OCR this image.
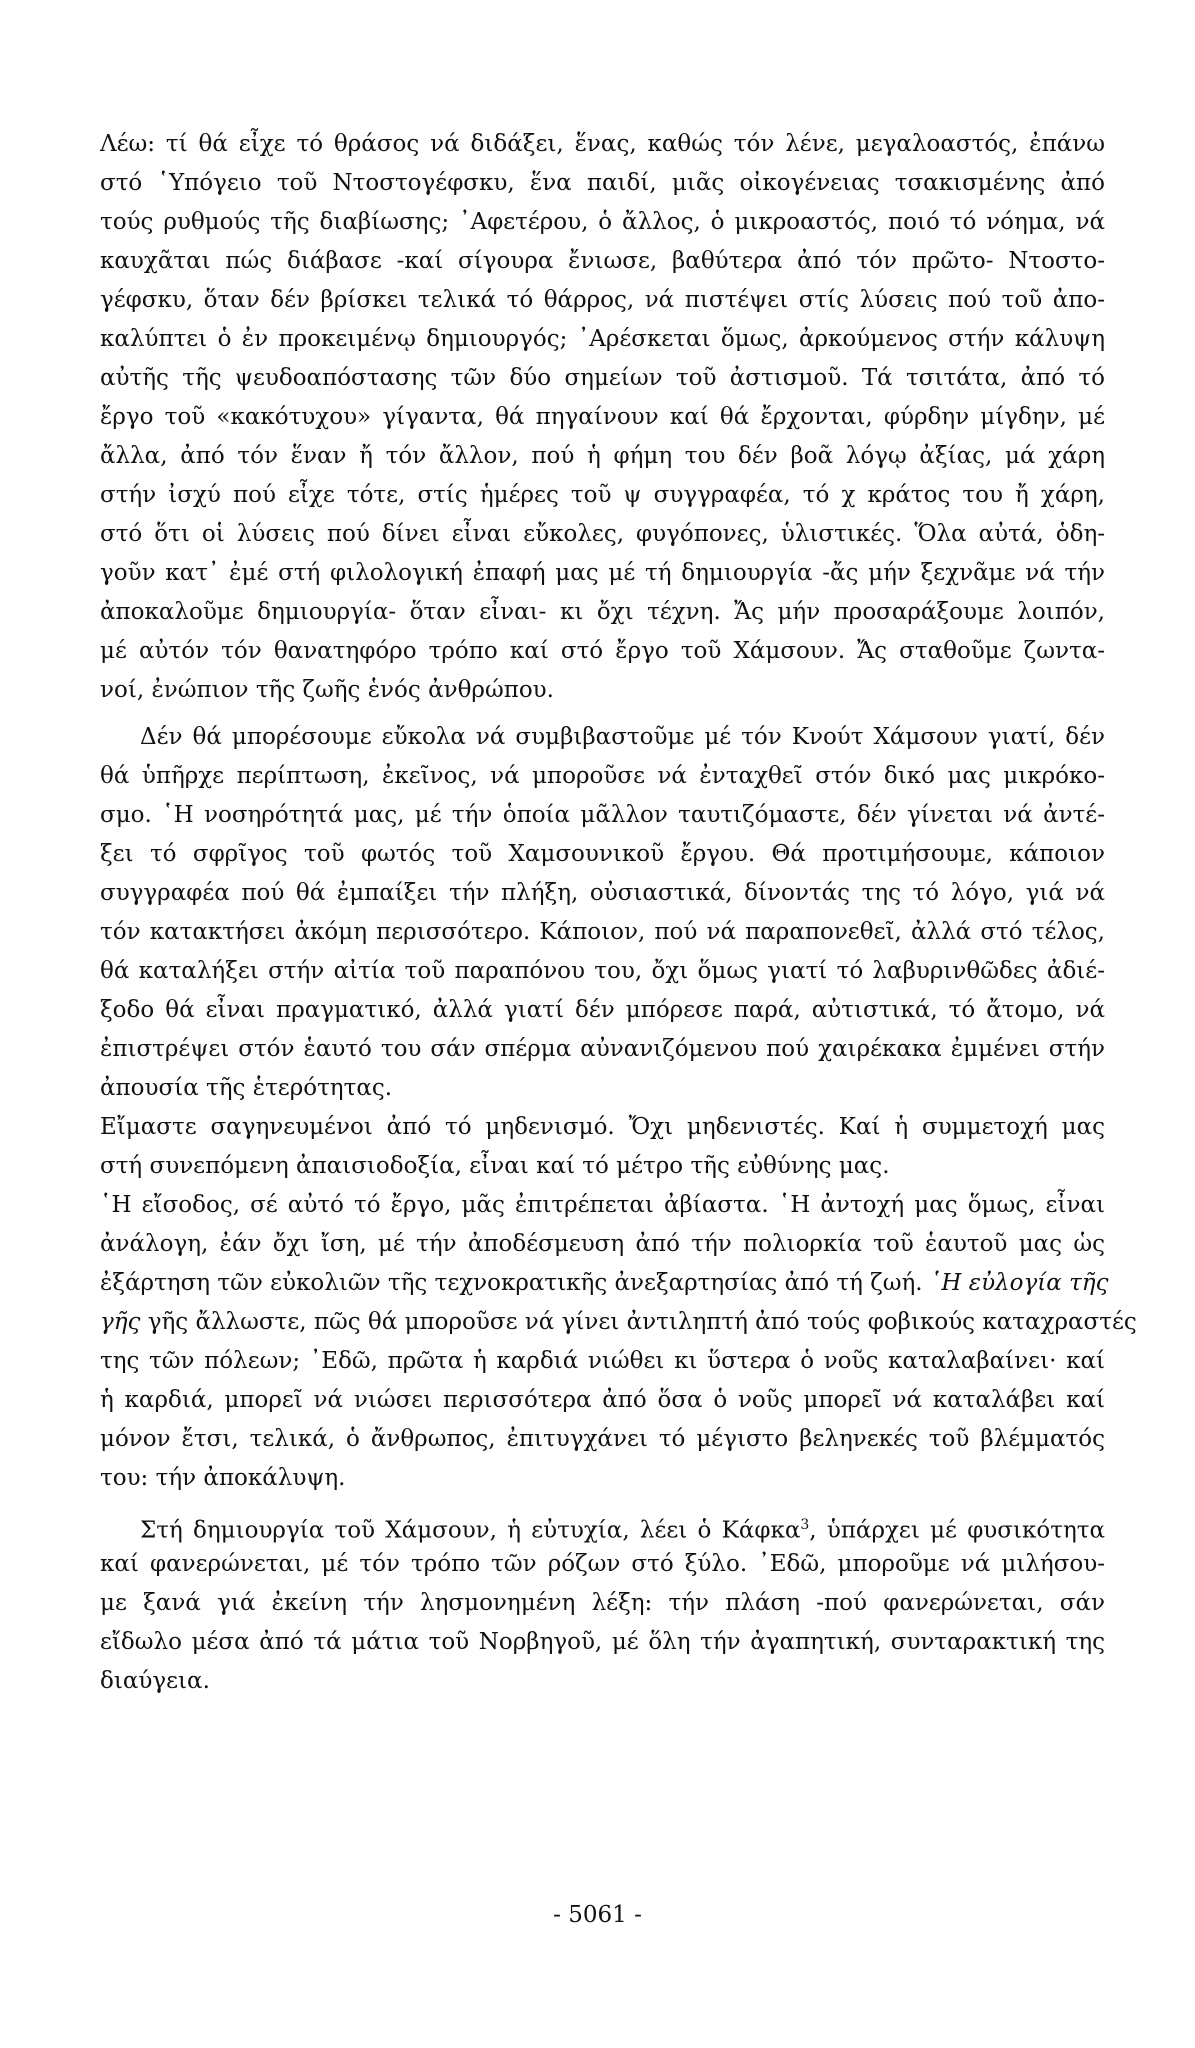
Λέω: τί θά εἶχε τό θράσος νά διδάξει, ἕνας, καθώς τόν λένε, μεγαλοαστός, ἐπάνω
στό ῾Υπόγειο τοῦ Ντοστογέφσκυ, ἕνα παιδί, μιᾶς οἰκογένειας τσακισμένης ἀπό
τούς ρυθμούς τῆς διαβίωσης; ᾿Αφετέρου, ὁ ἄλλος, ὁ μικροαστός, ποιό τό νόημα, νά
καυχᾶται πώς διάβασε -καί σίγουρα ἔνιωσε, βαθύτερα ἀπό τόν πρῶτο- Ντοστο-
γέφσκυ, ὅταν δέν βρίσκει τελικά τό θάρρος, νά πιστέψει στίς λύσεις πού τοῦ ἀπο-
καλύπτει ὁ ἐν προκειμένῳ δημιουργός; ᾿Αρέσκεται ὅμως, ἀρκούμενος στήν κάλυψη
αὐτῆς τῆς ψευδοαπόστασης τῶν δύο σημείων τοῦ ἀστισμοῦ. Τά τσιτάτα, ἀπό τό
ἔργο τοῦ «κακότυχου» γίγαντα, θά πηγαίνουν καί θά ἔρχονται, φύρδην μίγδην, μέ
ἄλλα, ἀπό τόν ἕναν ἤ τόν ἄλλον, πού ἡ φήμη του δέν βοᾶ λόγῳ ἀξίας, μά χάρη
στήν ἰσχύ πού εἶχε τότε, στίς ἡμέρες τοῦ ψ συγγραφέα, τό χ κράτος του ἤ χάρη,
στό ὅτι οἱ λύσεις πού δίνει εἶναι εὔκολες, φυγόπονες, ὑλιστικές. Ὅλα αὐτά, ὁδη-
γοῦν κατ᾿ ἐμέ στή φιλολογική ἐπαφή μας μέ τή δημιουργία -ἄς μήν ξεχνᾶμε νά τήν
ἀποκαλοῦμε δημιουργία- ὅταν εἶναι- κι ὄχι τέχνη. Ἄς μήν προσαράξουμε λοιπόν,
μέ αὐτόν τόν θανατηφόρο τρόπο καί στό ἔργο τοῦ Χάμσουν. Ἄς σταθοῦμε ζωντα-
νοί, ἐνώπιον τῆς ζωῆς ἑνός ἀνθρώπου.
Δέν θά μπορέσουμε εὔκολα νά συμβιβαστοῦμε μέ τόν Κνούτ Χάμσουν γιατί, δέν
θά ὑπῆρχε περίπτωση, ἐκεῖνος, νά μποροῦσε νά ἐνταχθεῖ στόν δικό μας μικρόκο-
σμο. ῾Η νοσηρότητά μας, μέ τήν ὁποία μᾶλλον ταυτιζόμαστε, δέν γίνεται νά ἀντέ-
ξει τό σφρῖγος τοῦ φωτός τοῦ Χαμσουνικοῦ ἔργου. Θά προτιμήσουμε, κάποιον
συγγραφέα πού θά ἐμπαίξει τήν πλήξη, οὐσιαστικά, δίνοντάς της τό λόγο, γιά νά
τόν κατακτήσει ἀκόμη περισσότερο. Κάποιον, πού νά παραπονεθεῖ, ἀλλά στό τέλος,
θά καταλήξει στήν αἰτία τοῦ παραπόνου του, ὄχι ὅμως γιατί τό λαβυρινθῶδες ἀδιέ-
ξοδο θά εἶναι πραγματικό, ἀλλά γιατί δέν μπόρεσε παρά, αὐτιστικά, τό ἄτομο, νά
ἐπιστρέψει στόν ἑαυτό του σάν σπέρμα αὐνανιζόμενου πού χαιρέκακα ἐμμένει στήν
ἀπουσία τῆς ἑτερότητας.
Εἴμαστε σαγηνευμένοι ἀπό τό μηδενισμό. Ὄχι μηδενιστές. Καί ἡ συμμετοχή μας
στή συνεπόμενη ἀπαισιοδοξία, εἶναι καί τό μέτρο τῆς εὐθύνης μας.
῾Η εἴσοδος, σέ αὐτό τό ἔργο, μᾶς ἐπιτρέπεται ἀβίαστα. ῾Η ἀντοχή μας ὅμως, εἶναι
ἀνάλογη, ἐάν ὄχι ἴση, μέ τήν ἀποδέσμευση ἀπό τήν πολιορκία τοῦ ἑαυτοῦ μας ὡς
ἐξάρτηση τῶν εὐκολιῶν τῆς τεχνοκρατικῆς ἀνεξαρτησίας ἀπό τή ζωή. ῾Η εὐλογία τῆς
γῆς γῆς ἄλλωστε, πῶς θά μποροῦσε νά γίνει ἀντιληπτή ἀπό τούς φοβικούς καταχραστές
της τῶν πόλεων; ᾿Εδῶ, πρῶτα ἡ καρδιά νιώθει κι ὕστερα ὁ νοῦς καταλαβαίνει· καί
ἡ καρδιά, μπορεῖ νά νιώσει περισσότερα ἀπό ὅσα ὁ νοῦς μπορεῖ νά καταλάβει καί
μόνον ἔτσι, τελικά, ὁ ἄνθρωπος, ἐπιτυγχάνει τό μέγιστο βεληνεκές τοῦ βλέμματός
του: τήν ἀποκάλυψη.
Στή δημιουργία τοῦ Χάμσουν, ἡ εὐτυχία, λέει ὁ Κάφκα$^3$, ὑπάρχει μέ φυσικότητα
καί φανερώνεται, μέ τόν τρόπο τῶν ρόζων στό ξύλο. ᾿Εδῶ, μποροῦμε νά μιλήσου-
με ξανά γιά ἐκείνη τήν λησμονημένη λέξη: τήν πλάση -πού φανερώνεται, σάν
εἴδωλο μέσα ἀπό τά μάτια τοῦ Νορβηγοῦ, μέ ὅλη τήν ἀγαπητική, συνταρακτική της
διαύγεια.
- 5061 -
